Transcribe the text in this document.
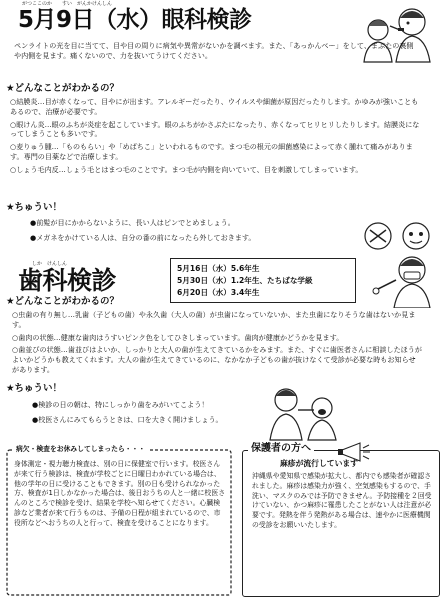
がつここのか　　すい　がんかけんしん
5月9日（水）眼科検診
ペンライトの光を目に当てて、目や目の周りに病気や異常がないかを調べます。また、「あっかんべー」をして、まぶたの裏側や内側を見ます。痛くないので、力を抜いてうけてください。
★どんなことがわかるの？
○結膜炎…目が赤くなって、目やにが出ます。アレルギーだったり、ウイルスや細菌が原因だったりします。かゆみが強いこともあるので、治療が必要です。
○眼けん炎…眼のふちが炎症を起こしています。眼のふちがかさぶたになったり、赤くなってヒリヒリしたりします。結膜炎になってしまうことも多いです。
○麦りゅう腫…「ものもらい」や「めばちこ」といわれるものです。まつ毛の根元の細菌感染によって赤く腫れて痛みがあります。専門の目薬などで治療します。
○しょう毛内反…しょう毛とはまつ毛のことです。まつ毛が内側を向いていて、目を刺激してしまっています。
★ちゅうい！
●前髪が目にかからないように、長い人はピンでとめましょう。
●メガネをかけている人は、自分の番の前になったら外しておきます。
しか　けんしん
歯科検診	5月16日（水）5.6年生
5月30日（水）1.2年生、たちばな学級
6月20日（水）3.4年生
★どんなことがわかるの？
○虫歯の有り無し…乳歯（子どもの歯）や永久歯（大人の歯）が虫歯になっていないか、また虫歯になりそうな歯はないか見ます。
○歯肉の状態…健康な歯肉はうすいピンク色をしてひきしまっています。歯肉が健康かどうかを見ます。
○歯並びの状態…歯並びはよいか、しっかりと大人の歯が生えてきているかをみます。また、すぐに歯医者さんに相談したほうがよいかどうかも教えてくれます。大人の歯が生えてきているのに、なかなか子どもの歯が抜けなくて受診が必要な時もお知らせがあります。
★ちゅうい！
●検診の日の朝は、特にしっかり歯をみがいてこよう！
●校医さんにみてもらうときは、口を大きく開けましょう。
病欠・検査をお休みしてしまったら・・・
身体測定・視力聴力検査は、別の日に保健室で行います。校医さんが来て行う検診は、検査が学校ごとに日曜日わかれている場合は、他の学年の日に受けることもできます。別の日も受けられなかった方、検査が1日しかなかった場合は、後日おうちの人と一緒に校医さんのところで検診を受け、結果を学校へ知らせてください。心臓検診など業者が来て行うものは、予備の日程が組まれているので、市役所などへおうちの人と行って、検査を受けることになります。
保護者の方へ
麻疹が流行しています
沖縄県や愛知県で感染が拡大し、都内でも感染者が確認されました。麻疹は感染力が強く、空気感染もするので、手洗い、マスクのみでは予防できません。予防接種を２回受けていない、かつ麻疹に罹患したことがない人は注意が必要です。発熱を伴う発熱がある場合は、速やかに医療機関の受診をお願いいたします。
